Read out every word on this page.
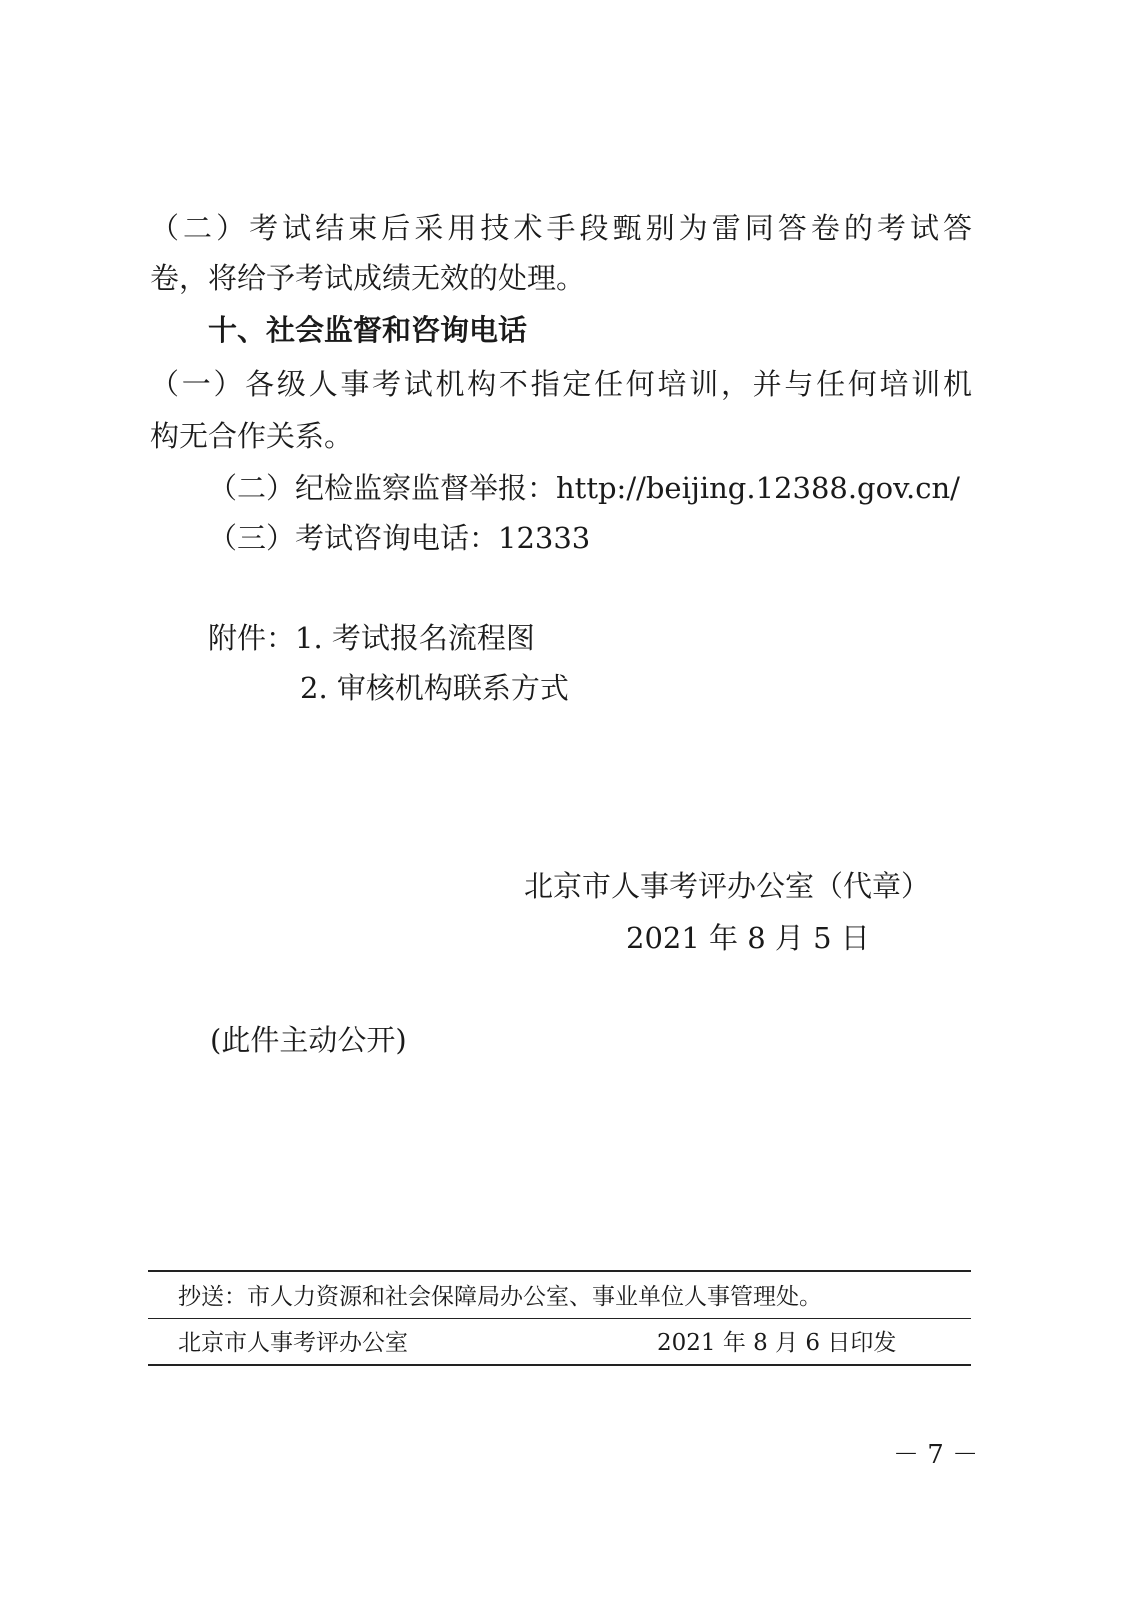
（二）考试结束后采用技术手段甄别为雷同答卷的考试答
卷，将给予考试成绩无效的处理。
十、社会监督和咨询电话
（一）各级人事考试机构不指定任何培训，并与任何培训机
构无合作关系。
（二）纪检监察监督举报：http://beijing.12388.gov.cn/
（三）考试咨询电话：12333
附件：1. 考试报名流程图
2. 审核机构联系方式
北京市人事考评办公室（代章）
2021 年 8 月 5 日
(此件主动公开)
抄送：市人力资源和社会保障局办公室、事业单位人事管理处。
北京市人事考评办公室	2021 年 8 月 6 日印发
－ 7 －
